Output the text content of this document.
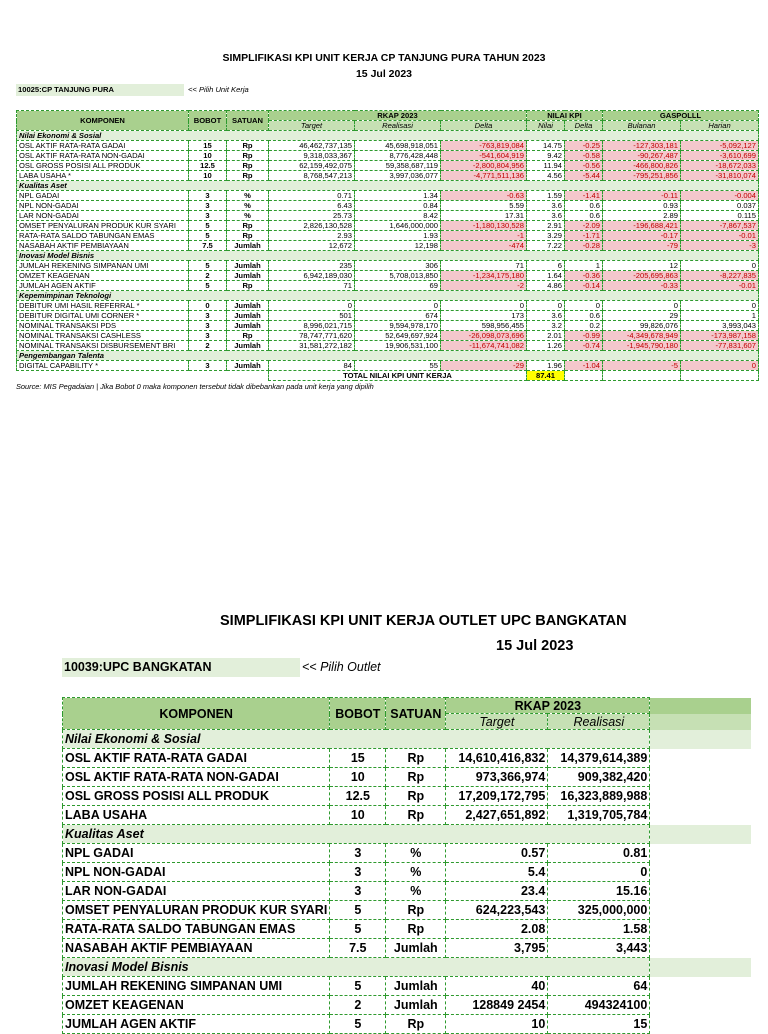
SIMPLIFIKASI KPI UNIT KERJA CP TANJUNG PURA TAHUN 2023
15 Jul 2023
10025:CP TANJUNG PURA	<< Pilih Unit Kerja
KOMPONEN	BOBOT	SATUAN	RKAP 2023			NILAI KPI		GASPOLLL	
			Target	Realisasi	Delta	Nilai	Delta	Bulanan	Harian
Nilai Ekonomi & Sosial									
OSL AKTIF RATA-RATA GADAI	15	Rp	46,462,737,135	45,698,918,051	-763,819,084	14.75	-0.25	-127,303,181	-5,092,127
OSL AKTIF RATA-RATA NON-GADAI	10	Rp	9,318,033,367	8,776,428,448	-541,604,919	9.42	-0.58	-90,267,487	-3,610,699
OSL GROSS POSISI ALL PRODUK	12.5	Rp	62,159,492,075	59,358,687,119	-2,800,804,956	11.94	-0.56	-466,800,826	-18,672,033
LABA USAHA *	10	Rp	8,768,547,213	3,997,036,077	-4,771,511,136	4.56	-5.44	-795,251,856	-31,810,074
Kualitas Aset									
NPL GADAI	3	%	0.71	1.34	-0.63	1.59	-1.41	-0.11	-0.004
NPL NON-GADAI	3	%	6.43	0.84	5.59	3.6	0.6	0.93	0.037
LAR NON-GADAI	3	%	25.73	8.42	17.31	3.6	0.6	2.89	0.115
OMSET PENYALURAN PRODUK KUR SYARI	5	Rp	2,826,130,528	1,646,000,000	-1,180,130,528	2.91	-2.09	-196,688,421	-7,867,537
RATA-RATA SALDO TABUNGAN EMAS	5	Rp	2.93	1.93	-1	3.29	-1.71	-0.17	-0.01
NASABAH AKTIF PEMBIAYAAN	7.5	Jumlah	12,672	12,198	-474	7.22	-0.28	-79	-3
Inovasi Model Bisnis									
JUMLAH REKENING SIMPANAN UMI	5	Jumlah	235	306	71	6	1	12	0
OMZET KEAGENAN	2	Jumlah	6,942,189,030	5,708,013,850	-1,234,175,180	1.64	-0.36	-205,695,863	-8,227,835
JUMLAH AGEN AKTIF	5	Rp	71	69	-2	4.86	-0.14	-0.33	-0.01
Kepemimpinan Teknologi									
DEBITUR UMI HASIL REFERRAL *	0	Jumlah	0	0	0	0	0	0	0
DEBITUR DIGITAL UMI CORNER *	3	Jumlah	501	674	173	3.6	0.6	29	1
NOMINAL TRANSAKSI PDS	3	Jumlah	8,996,021,715	9,594,978,170	598,956,455	3.2	0.2	99,826,076	3,993,043
NOMINAL TRANSAKSI CASHLESS	3	Rp	78,747,771,620	52,649,697,924	-26,098,073,696	2.01	-0.99	-4,349,678,949	-173,987,158
NOMINAL TRANSAKSI DISBURSEMENT BRI	2	Jumlah	31,581,272,182	19,906,531,100	-11,674,741,082	1.26	-0.74	-1,945,790,180	-77,831,607
Pengembangan Talenta									
DIGITAL CAPABILITY *	3	Jumlah	84	55	-29	1.96	-1.04	-5	0
			TOTAL NILAI KPI UNIT KERJA			87.41			
Source: MIS Pegadaian | Jika Bobot 0 maka komponen tersebut tidak dibebankan pada unit kerja yang dipilih
SIMPLIFIKASI KPI UNIT KERJA OUTLET UPC BANGKATAN
15 Jul 2023
10039:UPC BANGKATAN	<< Pilih Outlet
KOMPONEN	BOBOT	SATUAN	RKAP 2023		
			Target	Realisasi	
Nilai Ekonomi & Sosial					
OSL AKTIF RATA-RATA GADAI	15	Rp	14,610,416,832	14,379,614,389	
OSL AKTIF RATA-RATA NON-GADAI	10	Rp	973,366,974	909,382,420	
OSL GROSS POSISI ALL PRODUK	12.5	Rp	17,209,172,795	16,323,889,988	
LABA USAHA	10	Rp	2,427,651,892	1,319,705,784	
Kualitas Aset					
NPL GADAI	3	%	0.57	0.81	
NPL NON-GADAI	3	%	5.4	0	
LAR NON-GADAI	3	%	23.4	15.16	
OMSET PENYALURAN PRODUK KUR SYARI	5	Rp	624,223,543	325,000,000	
RATA-RATA SALDO TABUNGAN EMAS	5	Rp	2.08	1.58	
NASABAH AKTIF PEMBIAYAAN	7.5	Jumlah	3,795	3,443	
Inovasi Model Bisnis					
JUMLAH REKENING SIMPANAN UMI	5	Jumlah	40	64	
OMZET KEAGENAN	2	Jumlah	128849 2454	494324100	
JUMLAH AGEN AKTIF	5	Rp	10	15	
